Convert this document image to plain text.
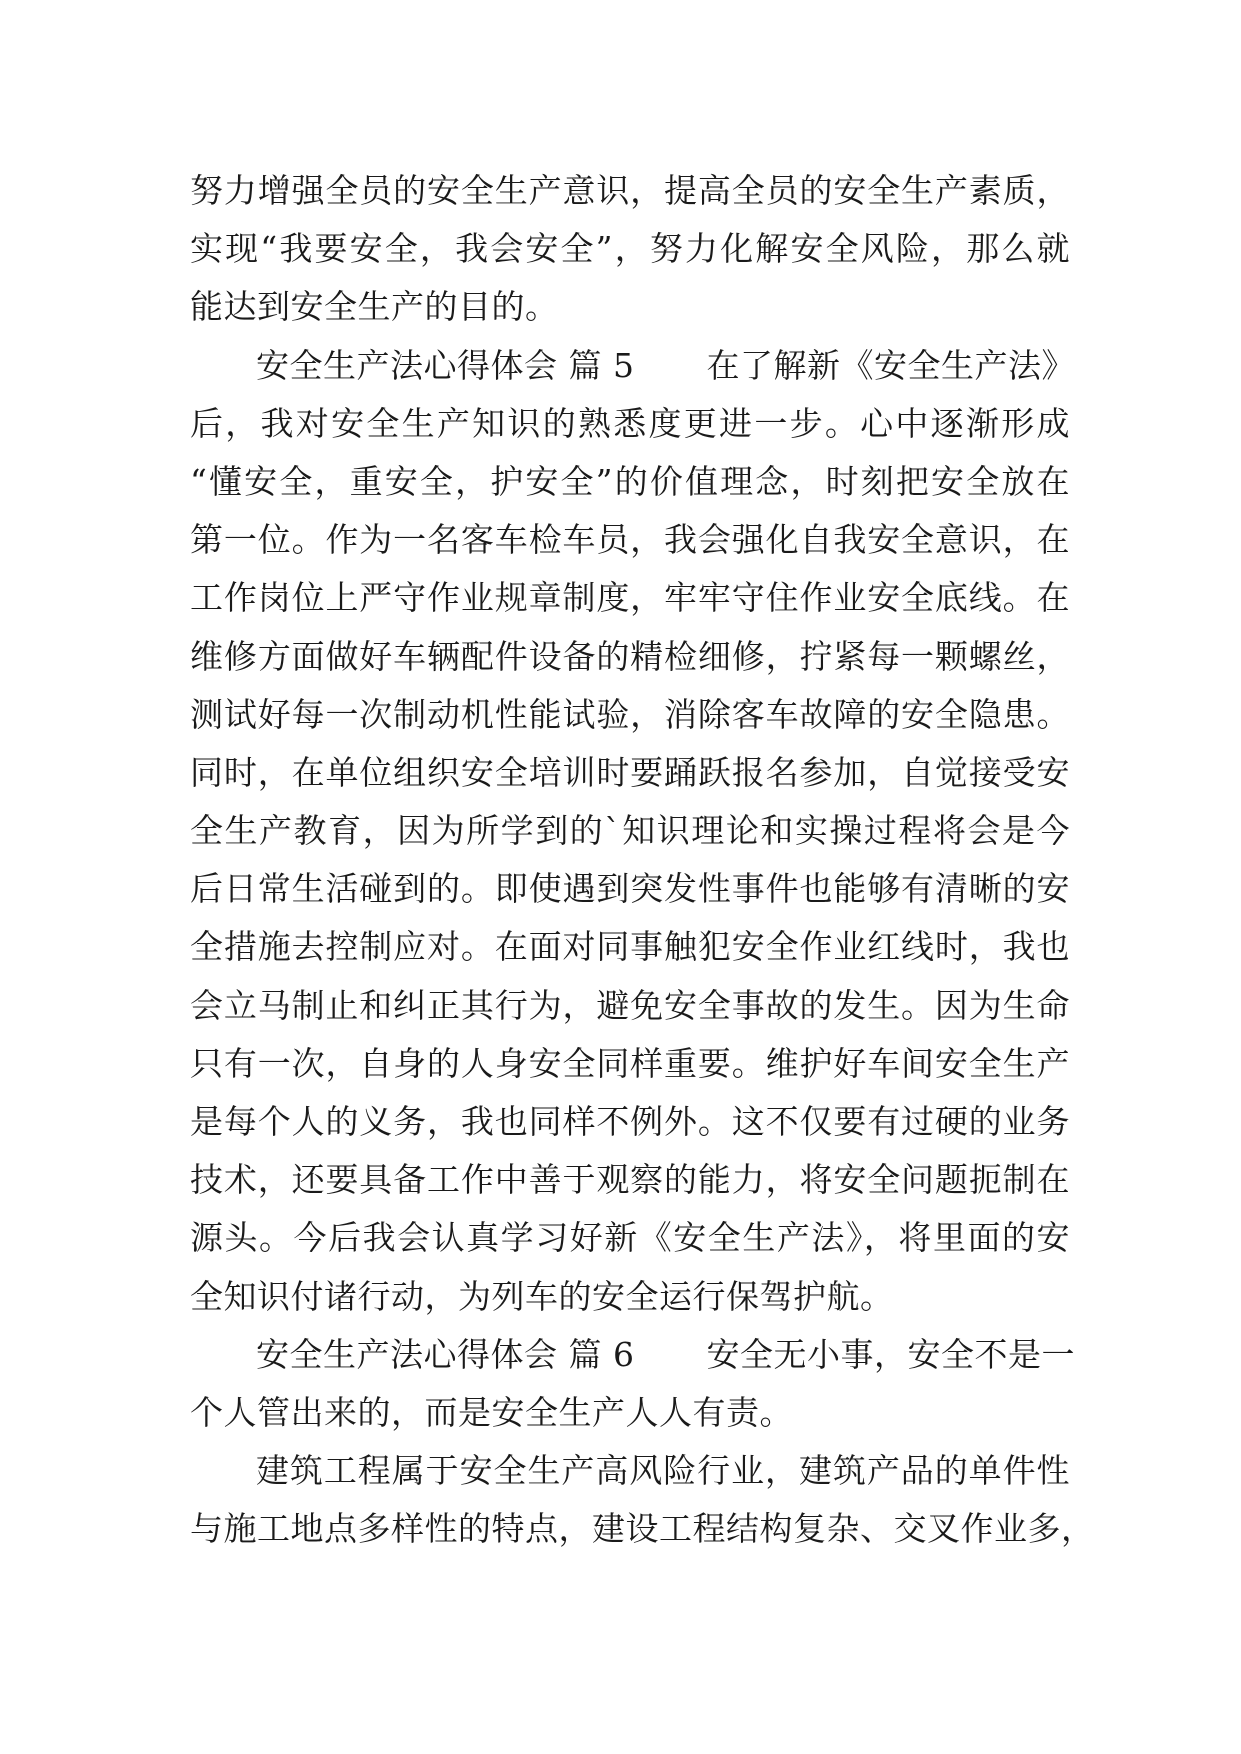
努力增强全员的安全生产意识，提高全员的安全生产素质，
实现“我要安全，我会安全”，努力化解安全风险，那么就
能达到安全生产的目的。
安全生产法心得体会 篇 5 在了解新《安全生产法》
后，我对安全生产知识的熟悉度更进一步。心中逐渐形成
“懂安全，重安全，护安全”的价值理念，时刻把安全放在
第一位。作为一名客车检车员，我会强化自我安全意识，在
工作岗位上严守作业规章制度，牢牢守住作业安全底线。在
维修方面做好车辆配件设备的精检细修，拧紧每一颗螺丝，
测试好每一次制动机性能试验，消除客车故障的安全隐患。
同时，在单位组织安全培训时要踊跃报名参加，自觉接受安
全生产教育，因为所学到的`知识理论和实操过程将会是今
后日常生活碰到的。即使遇到突发性事件也能够有清晰的安
全措施去控制应对。在面对同事触犯安全作业红线时，我也
会立马制止和纠正其行为，避免安全事故的发生。因为生命
只有一次，自身的人身安全同样重要。维护好车间安全生产
是每个人的义务，我也同样不例外。这不仅要有过硬的业务
技术，还要具备工作中善于观察的能力，将安全问题扼制在
源头。今后我会认真学习好新《安全生产法》，将里面的安
全知识付诸行动，为列车的安全运行保驾护航。
安全生产法心得体会 篇 6 安全无小事，安全不是一
个人管出来的，而是安全生产人人有责。
建筑工程属于安全生产高风险行业，建筑产品的单件性
与施工地点多样性的特点，建设工程结构复杂、交叉作业多，
